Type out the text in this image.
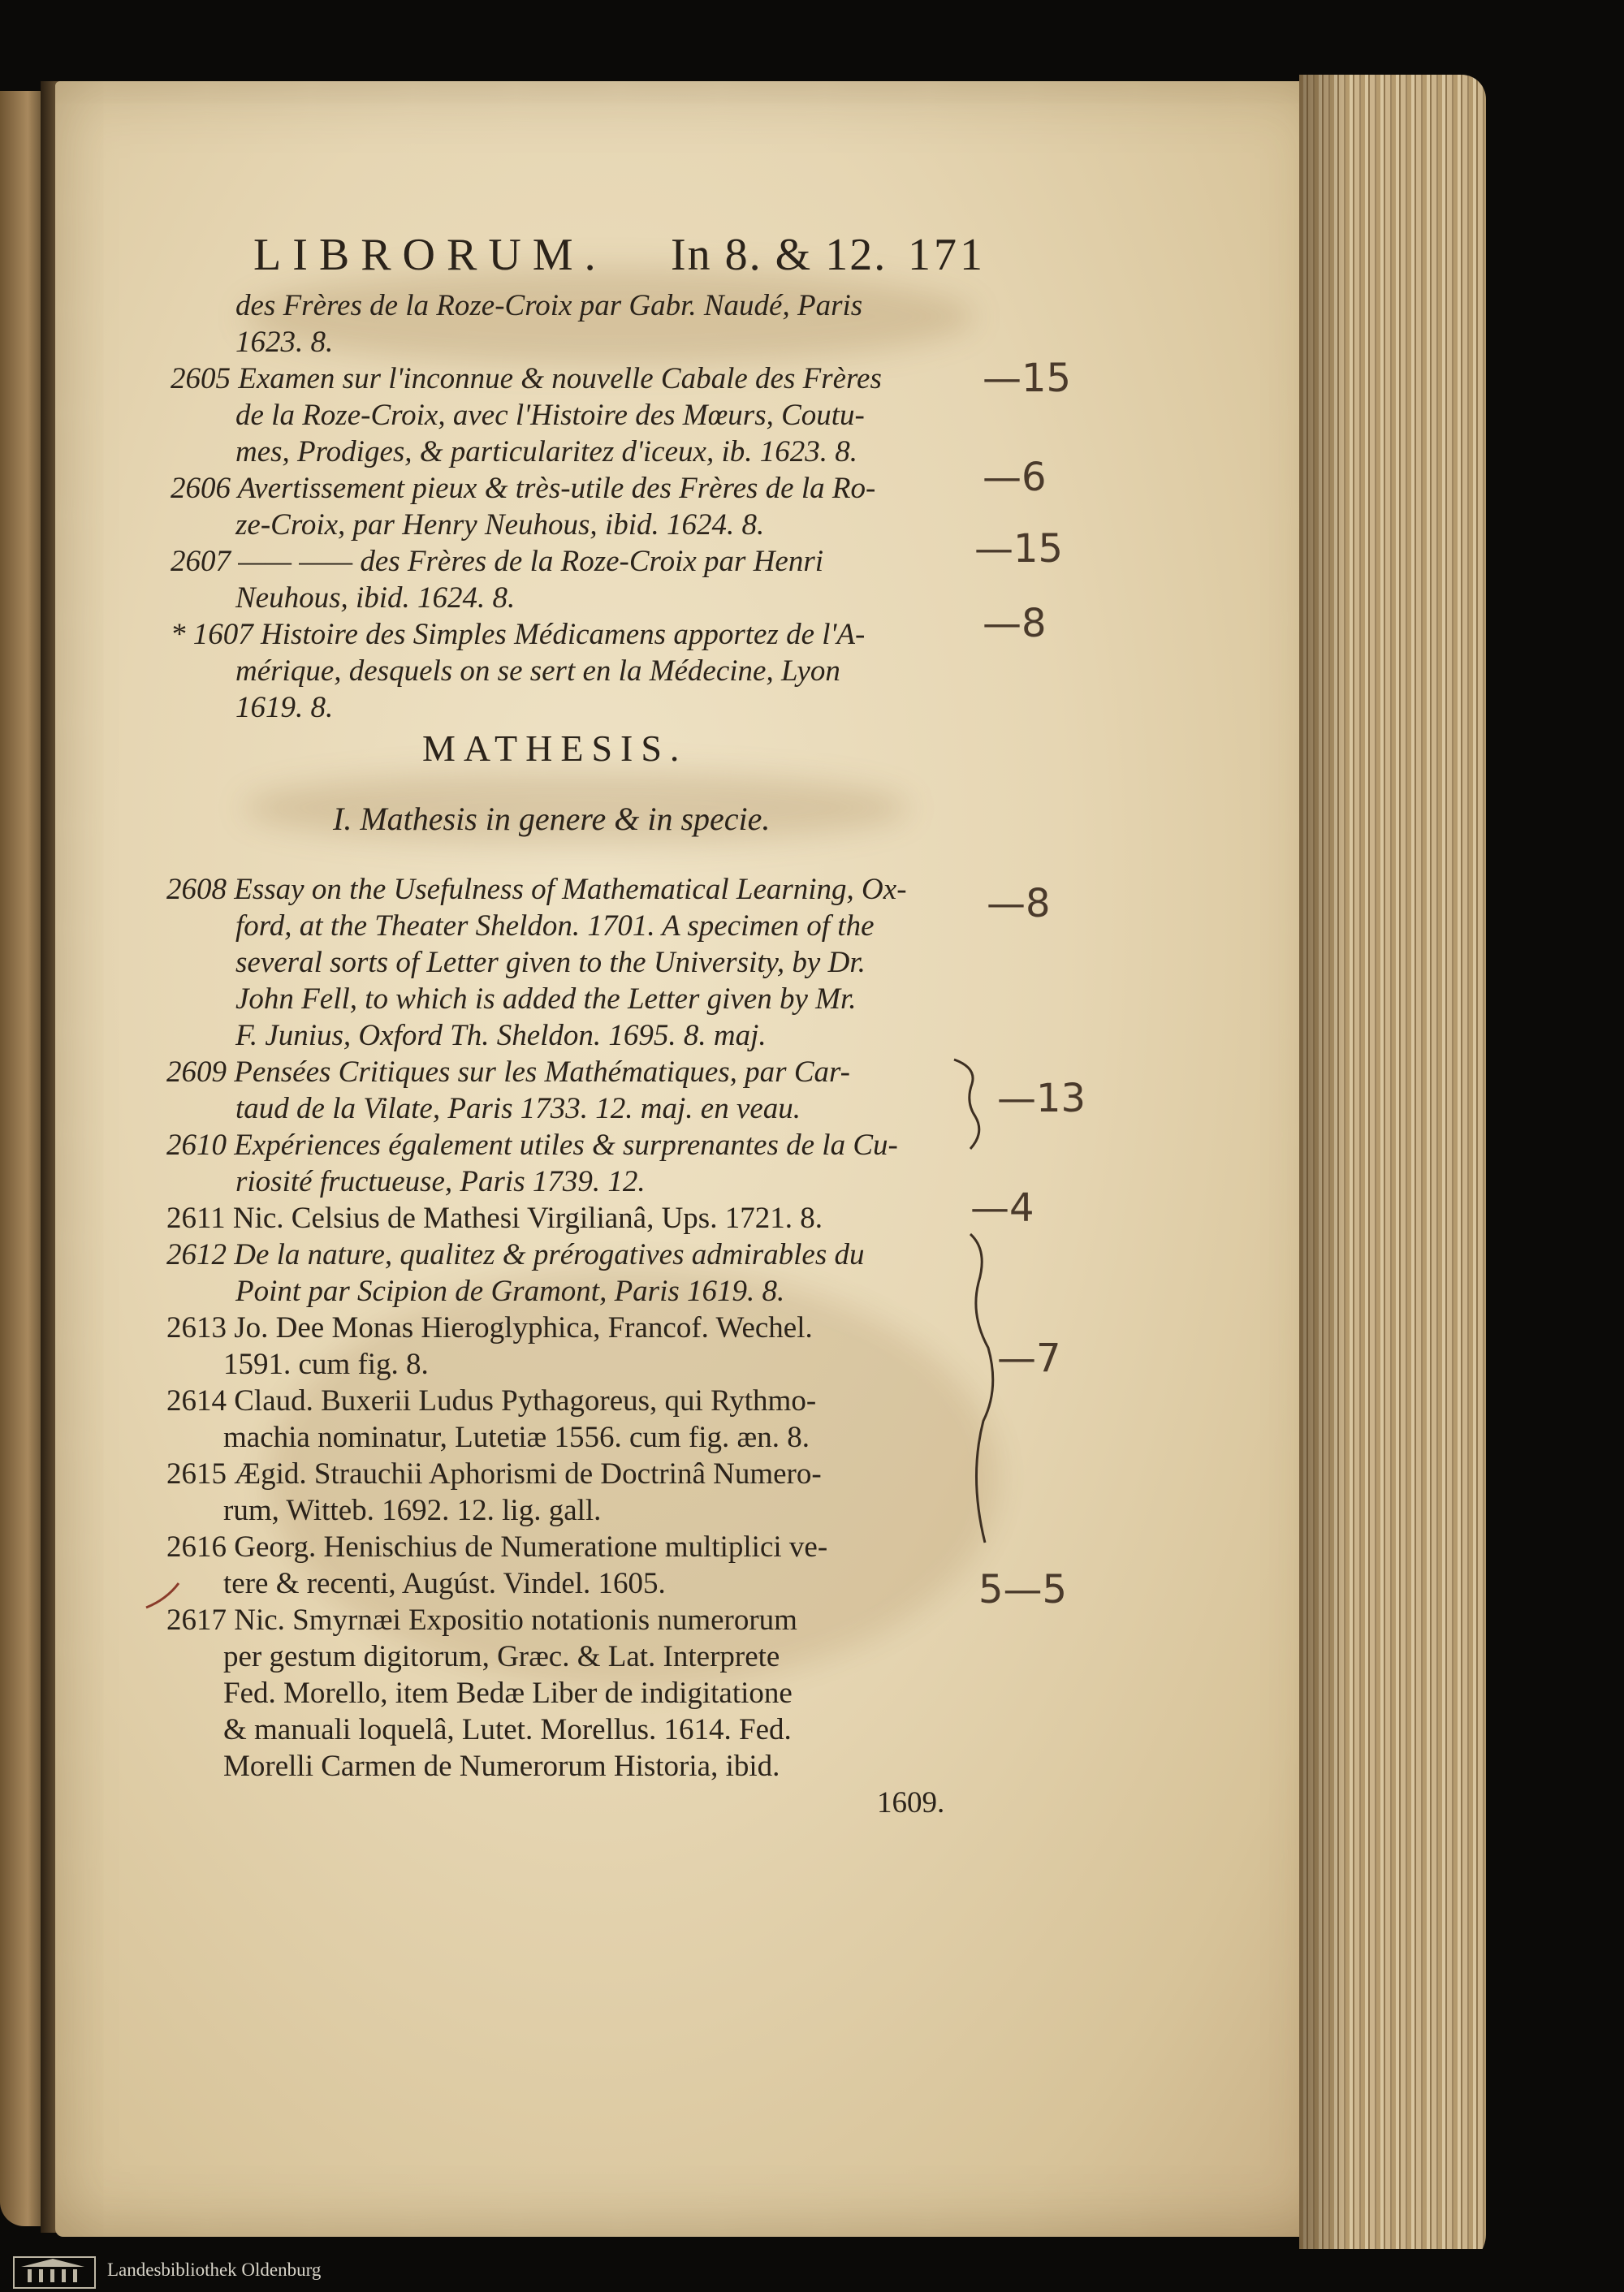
LIBRORUM. In 8. & 12. 171
des Frères de la Roze-Croix par Gabr. Naudé, Paris
1623. 8.
2605 Examen sur l'inconnue & nouvelle Cabale des Frères
de la Roze-Croix, avec l'Histoire des Mœurs, Coutu-
mes, Prodiges, & particularitez d'iceux, ib. 1623. 8.
2606 Avertissement pieux & très-utile des Frères de la Ro-
ze-Croix, par Henry Neuhous, ibid. 1624. 8.
2607 —— —— des Frères de la Roze-Croix par Henri
Neuhous, ibid. 1624. 8.
* 1607 Histoire des Simples Médicamens apportez de l'A-
mérique, desquels on se sert en la Médecine, Lyon
1619. 8.
MATHESIS.
I. Mathesis in genere & in specie.
2608 Essay on the Usefulness of Mathematical Learning, Ox-
ford, at the Theater Sheldon. 1701. A specimen of the
several sorts of Letter given to the University, by Dr.
John Fell, to which is added the Letter given by Mr.
F. Junius, Oxford Th. Sheldon. 1695. 8. maj.
2609 Pensées Critiques sur les Mathématiques, par Car-
taud de la Vilate, Paris 1733. 12. maj. en veau.
2610 Expériences également utiles & surprenantes de la Cu-
riosité fructueuse, Paris 1739. 12.
2611 Nic. Celsius de Mathesi Virgilianâ, Ups. 1721. 8.
2612 De la nature, qualitez & prérogatives admirables du
Point par Scipion de Gramont, Paris 1619. 8.
2613 Jo. Dee Monas Hieroglyphica, Francof. Wechel.
1591. cum fig. 8.
2614 Claud. Buxerii Ludus Pythagoreus, qui Rythmo-
machia nominatur, Lutetiæ 1556. cum fig. æn. 8.
2615 Ægid. Strauchii Aphorismi de Doctrinâ Numero-
rum, Witteb. 1692. 12. lig. gall.
2616 Georg. Henischius de Numeratione multiplici ve-
tere & recenti, Augúst. Vindel. 1605.
2617 Nic. Smyrnæi Expositio notationis numerorum
per gestum digitorum, Græc. & Lat. Interprete
Fed. Morello, item Bedæ Liber de indigitatione
& manuali loquelâ, Lutet. Morellus. 1614. Fed.
Morelli Carmen de Numerorum Historia, ibid.
1609.
—15
—6
—15
—8
—8
—13
—4
—7
5—5
Landesbibliothek Oldenburg
